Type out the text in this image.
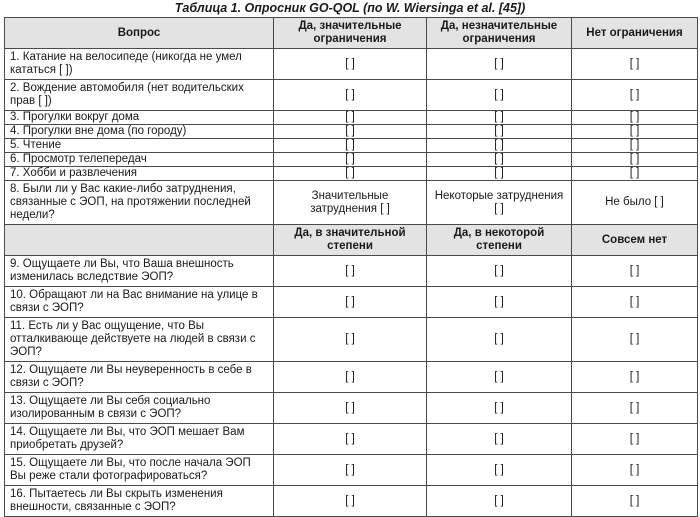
Таблица 1. Опросник GO-QOL (по W. Wiersinga et al. [45])
Вопрос	Да, значительные ограничения	Да, незначительные ограничения	Нет ограничения
1. Катание на велосипеде (никогда не умел кататься [ ])	[ ]	[ ]	[ ]
2. Вождение автомобиля (нет водительских прав [ ])	[ ]	[ ]	[ ]
3. Прогулки вокруг дома	[ ]	[ ]	[ ]
4. Прогулки вне дома (по городу)	[ ]	[ ]	[ ]
5. Чтение	[ ]	[ ]	[ ]
6. Просмотр телепередач	[ ]	[ ]	[ ]
7. Хобби и развлечения	[ ]	[ ]	[ ]
8. Были ли у Вас какие-либо затруднения, связанные с ЭОП, на протяжении последней недели?	Значительные затруднения [ ]	Некоторые затруднения [ ]	Не было [ ]
	Да, в значительной степени	Да, в некоторой степени	Совсем нет
9. Ощущаете ли Вы, что Ваша внешность изменилась вследствие ЭОП?	[ ]	[ ]	[ ]
10. Обращают ли на Вас внимание на улице в связи с ЭОП?	[ ]	[ ]	[ ]
11. Есть ли у Вас ощущение, что Вы отталкивающе действуете на людей в связи с ЭОП?	[ ]	[ ]	[ ]
12. Ощущаете ли Вы неуверенность в себе в связи с ЭОП?	[ ]	[ ]	[ ]
13. Ощущаете ли Вы себя социально изолированным в связи с ЭОП?	[ ]	[ ]	[ ]
14. Ощущаете ли Вы, что ЭОП мешает Вам приобретать друзей?	[ ]	[ ]	[ ]
15. Ощущаете ли Вы, что после начала ЭОП Вы реже стали фотографироваться?	[ ]	[ ]	[ ]
16. Пытаетесь ли Вы скрыть изменения внешности, связанные с ЭОП?	[ ]	[ ]	[ ]
